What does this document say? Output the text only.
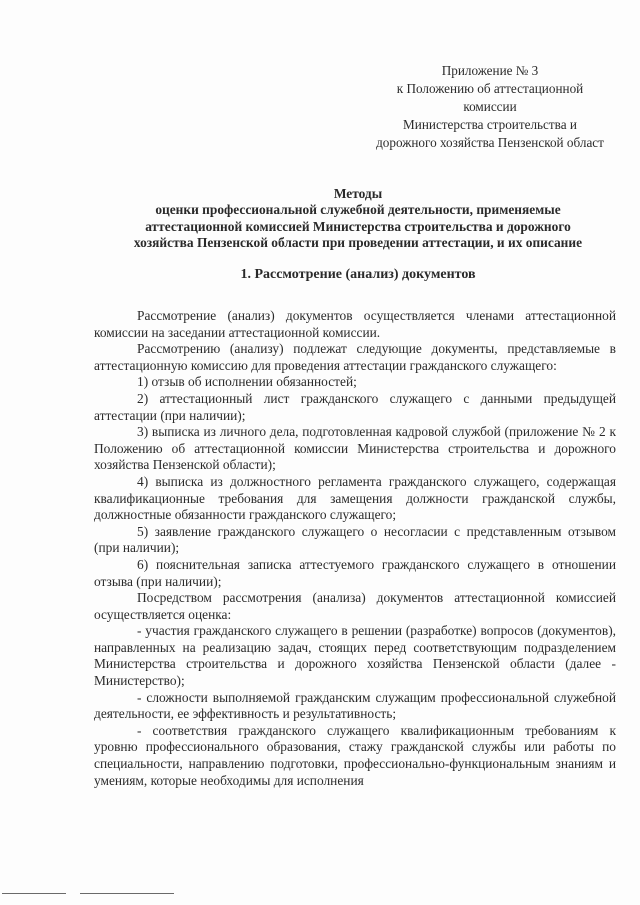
Приложение № 3
к Положению об аттестационной
комиссии
Министерства строительства и
дорожного хозяйства Пензенской област
Методы
оценки профессиональной служебной деятельности, применяемые
аттестационной комиссией Министерства строительства и дорожного
хозяйства Пензенской области при проведении аттестации, и их описание
1. Рассмотрение (анализ) документов

Рассмотрение (анализ) документов осуществляется членами аттестационной комиссии на заседании аттестационной комиссии.

Рассмотрению (анализу) подлежат следующие документы, представляемые в аттестационную комиссию для проведения аттестации гражданского служащего:

1) отзыв об исполнении обязанностей;

2) аттестационный лист гражданского служащего с данными предыдущей аттестации (при наличии);

3) выписка из личного дела, подготовленная кадровой службой (приложение № 2 к Положению об аттестационной комиссии Министерства строительства и дорожного хозяйства Пензенской области);

4) выписка из должностного регламента гражданского служащего, содержащая квалификационные требования для замещения должности гражданской службы, должностные обязанности гражданского служащего;

5) заявление гражданского служащего о несогласии с представленным отзывом (при наличии);

6) пояснительная записка аттестуемого гражданского служащего в отношении отзыва (при наличии);

Посредством рассмотрения (анализа) документов аттестационной комиссией осуществляется оценка:

- участия гражданского служащего в решении (разработке) вопросов (документов), направленных на реализацию задач, стоящих перед соответствующим подразделением Министерства строительства и дорожного хозяйства Пензенской области (далее - Министерство);

- сложности выполняемой гражданским служащим профессиональной служебной деятельности, ее эффективность и результативность;

- соответствия гражданского служащего квалификационным требованиям к уровню профессионального образования, стажу гражданской службы или работы по специальности, направлению подготовки, профессионально-функциональным знаниям и умениям, которые необходимы для исполнения
